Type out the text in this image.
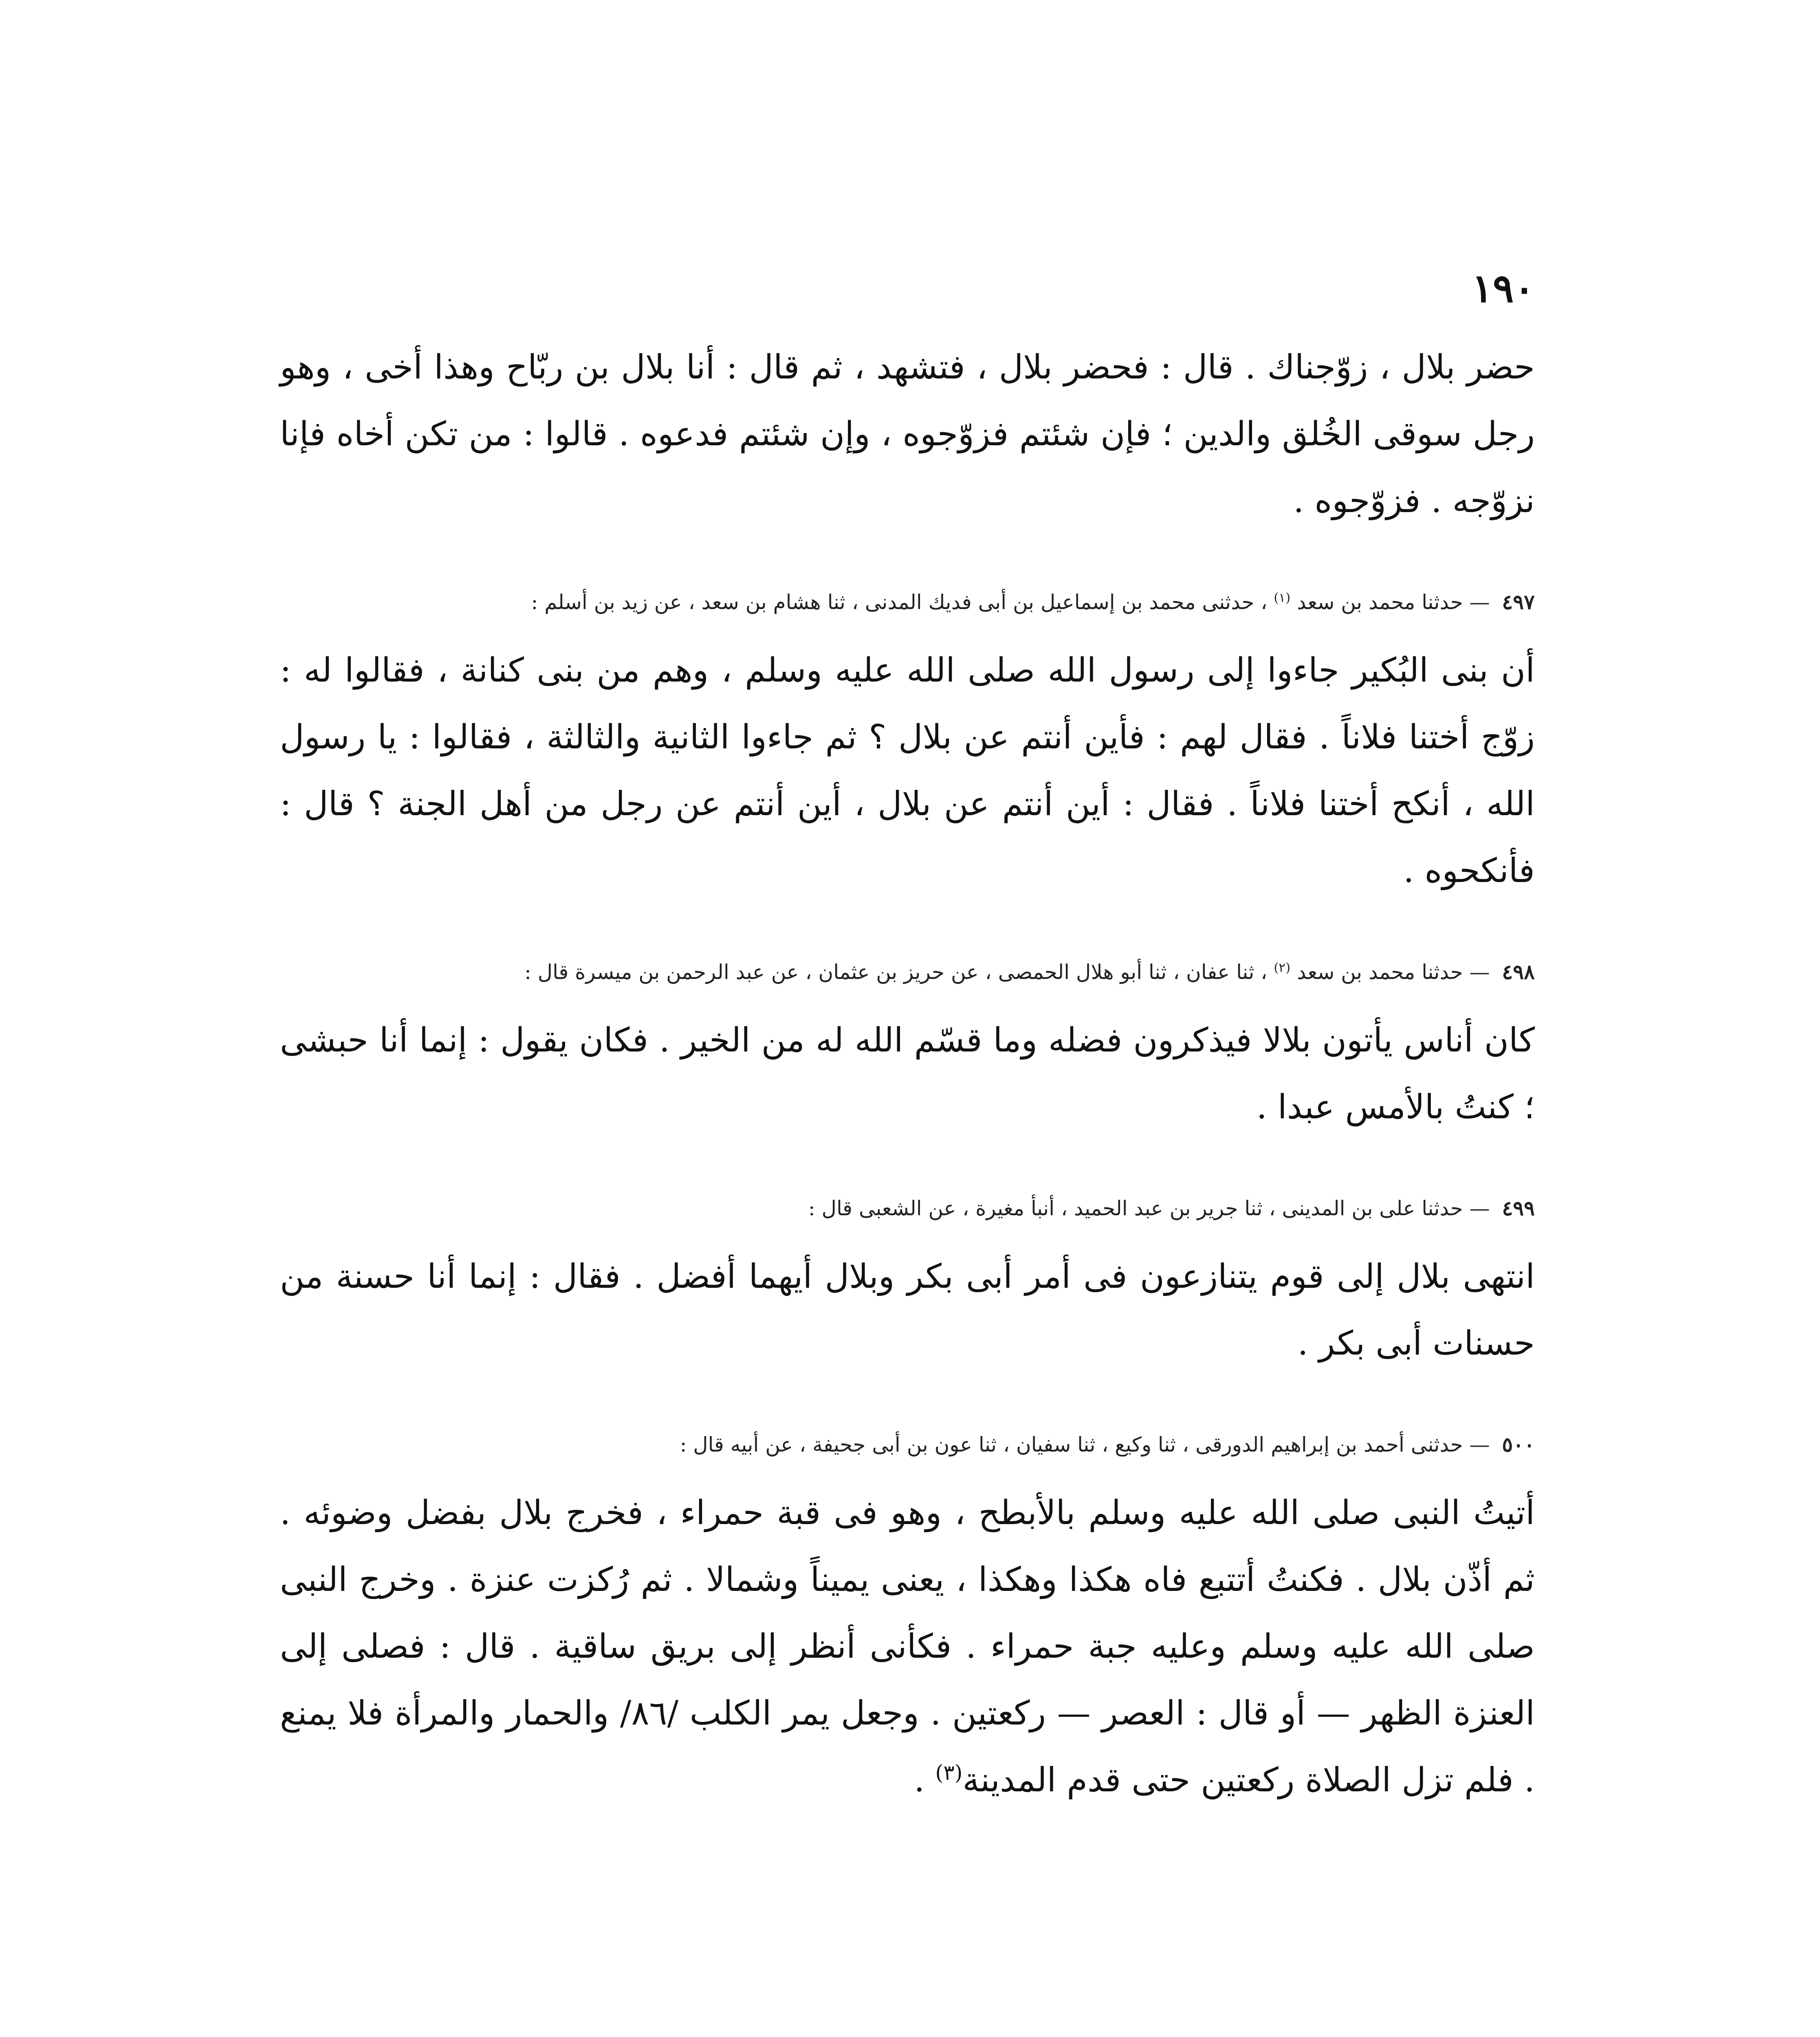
١٩٠

حضر بلال ، زوّجناك . قال : فحضر بلال ، فتشهد ، ثم قال : أنا بلال بن ربّاح وهذا أخى ، وهو رجل سوقى الخُلق والدين ؛ فإن شئتم فزوّجوه ، وإن شئتم فدعوه . قالوا : من تكن أخاه فإنا نزوّجه . فزوّجوه .

٤٩٧ — حدثنا محمد بن سعد $^{(١)}$ ، حدثنى محمد بن إسماعيل بن أبى فديك المدنى ، ثنا هشام بن سعد ، عن زيد بن أسلم :

أن بنى البُكير جاءوا إلى رسول الله صلى الله عليه وسلم ، وهم من بنى كنانة ، فقالوا له : زوّج أختنا فلاناً . فقال لهم : فأين أنتم عن بلال ؟ ثم جاءوا الثانية والثالثة ، فقالوا : يا رسول الله ، أنكح أختنا فلاناً . فقال : أين أنتم عن بلال ، أين أنتم عن رجل من أهل الجنة ؟ قال : فأنكحوه .

٤٩٨ — حدثنا محمد بن سعد $^{(٢)}$ ، ثنا عفان ، ثنا أبو هلال الحمصى ، عن حريز بن عثمان ، عن عبد الرحمن بن ميسرة قال :

كان أناس يأتون بلالا فيذكرون فضله وما قسّم الله له من الخير . فكان يقول : إنما أنا حبشى ؛ كنتُ بالأمس عبدا .

٤٩٩ — حدثنا على بن المدينى ، ثنا جرير بن عبد الحميد ، أنبأ مغيرة ، عن الشعبى قال :

انتهى بلال إلى قوم يتنازعون فى أمر أبى بكر وبلال أيهما أفضل . فقال : إنما أنا حسنة من حسنات أبى بكر .

٥٠٠ — حدثنى أحمد بن إبراهيم الدورقى ، ثنا وكيع ، ثنا سفيان ، ثنا عون بن أبى جحيفة ، عن أبيه قال :

أتيتُ النبى صلى الله عليه وسلم بالأبطح ، وهو فى قبة حمراء ، فخرج بلال بفضل وضوئه . ثم أذّن بلال . فكنتُ أتتبع فاه هكذا وهكذا ، يعنى يميناً وشمالا . ثم رُكزت عنزة . وخرج النبى صلى الله عليه وسلم وعليه جبة حمراء . فكأنى أنظر إلى بريق ساقية . قال : فصلى إلى العنزة الظهر — أو قال : العصر — ركعتين . وجعل يمر الكلب /٨٦/ والحمار والمرأة فلا يمنع . فلم تزل الصلاة ركعتين حتى قدم المدينة$^{(٣)}$ .
